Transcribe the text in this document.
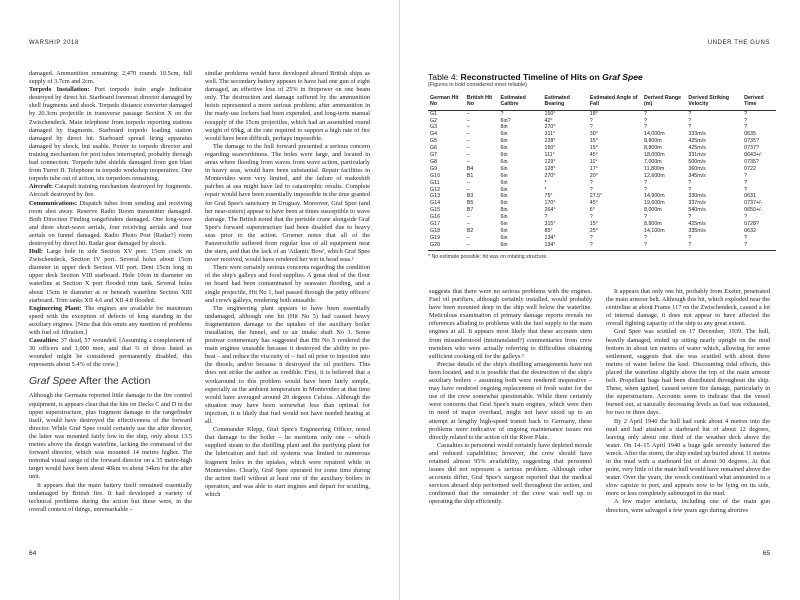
WARSHIP 2018

damaged. Ammunition remaining: 2,470 rounds 10.5cm, full supply of 3.7cm and 2cm.

Torpedo Installation: Port torpedo train angle indicator destroyed by direct hit. Starboard foremost director damaged by shell fragments and shock. Torpedo distance converter damaged by 20.3cm projectile in transverse passage Section X on the Zwischendeck. Main telephone from torpedo reporting stations damaged by fragments. Starboard torpedo loading station damaged by direct hit. Starboard spread firing apparatus damaged by shock, but usable. Power to torpedo director and training mechanism for port tubes interrupted, probably through bad connection. Torpedo tube shields damaged from gun blast from Turret II. Telephone in torpedo workshop inoperative. One torpedo tube out of action, six torpedoes remaining.

Aircraft: Catapult training mechanism destroyed by fragments. Aircraft destroyed by fire.

Communications: Dispatch tubes from sending and receiving room shot away. Reserve Radio Room transmitter damaged. Both Direction Finding rangefinders damaged. One long-wave and three short-wave aerials, four receiving aerials and four aerials on funnel damaged. Radio Photo Post [Radar?] room destroyed by direct hit. Radar gear damaged by shock.

Hull: Large hole in side Section XV port. 15cm crack on Zwischendeck, Section IV port. Several holes about 15cm diameter in upper deck Section VII port. Dent 15cm long in upper deck Section VIII starboard. Hole 10cm in diameter on waterline at Section X port flooded trim tank. Several holes about 15cm in diameter at or beneath waterline Section XIII starboard. Trim tanks XII 4.6 and XII 4.8 flooded.

Engineering Plant: The engines are available for maximum speed with the exception of defects of long standing in the auxiliary engines. [Note that this omits any mention of problems with fuel oil filtration.]

Casualties: 37 dead, 57 wounded. [Assuming a complement of 30 officers and 1,000 men, and that ⅔ of those listed as wounded might be considered permanently disabled, this represents about 5.4% of the crew.]

Graf Spee After the Action

Although the Germans reported little damage to the fire control equipment, is appears clear that the hits on Decks C and D in the upper superstructure, plus fragment damage to the rangefinder itself, would have destroyed the effectiveness of the forward director. While Graf Spee could certainly use the after director, the latter was mounted fairly low in the ship, only about 13.5 metres above the design waterline, lacking the command of the forward director, which was mounted 14 metres higher. The nominal visual range of the forward director on a 35 metre-high target would have been about 40km vs about 34km for the after unit.

It appears that the main battery itself remained essentially undamaged by British fire. It had developed a variety of technical problems during the action but these were, in the overall context of things, unremarkable –

similar problems would have developed aboard British ships as well. The secondary battery appears to have had one gun of eight damaged, an effective loss of 25% in firepower on one beam only. The destruction and damage suffered by the ammunition hoists represented a more serious problem; after ammunition in the ready-use lockers had been expended, and long-term manual resupply of the 15cm projectiles, which had an assembled round weight of 69kg, at the rate required to support a high rate of fire would have been difficult, perhaps impossible.

The damage to the hull forward presented a serious concern regarding seaworthiness. The holes were large, and located in areas where flooding from waves from wave action, particularly in heavy seas, would have been substantial. Repair facilities in Montevideo were very limited, and the failure of makeshift patches at sea might have led to catastrophic results. Complete repair would have been essentially impossible in the time granted for Graf Spee's sanctuary in Uruguay. Moreover, Graf Spee (and her near-sisters) appear to have been at times susceptible to wave damage. The British noted that the portside crane alongside Graf Spee's forward superstructure had been disabled due to heavy seas prior to the action. Groener notes that all of the Panzerschiffe suffered from regular loss of all equipment near the stern, and that the lack of an 'Atlantic Bow', which Graf Spee never received, would have rendered her wet in head seas.²

There were certainly serious concerns regarding the condition of the ship's galleys and food supplies. A great deal of the flour on board had been contaminated by seawater flooding, and a single projectile, Hit No 1, had passed through the petty officers' and crew's galleys, rendering both unusable.

The engineering plant appears to have been essentially undamaged, although one hit (Hit No 5) had caused heavy fragmentation damage to the uptakes of the auxiliary boiler installation, the funnel, and to air intake shaft No 3. Some postwar commentary has suggested that Hit No 5 rendered the main engines unusable because it destroyed the ability to pre-heat – and reduce the viscosity of – fuel oil prior to injection into the diesels, and/or because it destroyed the oil purifiers. This does not strike the author as credible. First, it is believed that a workaround to this problem would have been fairly simple, especially as the ambient temperature in Montevideo at that time would have averaged around 20 degrees Celsius. Although the situation may have been somewhat less than optimal for injection, it is likely that fuel would not have needed heating at all.

Commander Klepp, Graf Spee's Engineering Officer, noted that damage to the boiler – he mentions only one – which supplied steam to the distilling plant and the purifying plant for the lubrication and fuel oil systems was limited to numerous fragment holes in the uptakes, which were repaired while in Montevideo. Clearly, Graf Spee operated for some time during the action itself without at least one of the auxiliary boilers in operation, and was able to start engines and depart for scuttling, which

64
UNDER THE GUNS
Table 4: Reconstructed Timeline of Hits on Graf Spee
(Figures in bold considered most reliable)
German Hit No	British Hit No	Estimated Calibre	Estimated Bearing	Estimated Angle of Fall	Derived Range (m)	Derived Striking Velocity	Derived Time
G1	–	?	150°	18°	?	?	?
G2	–	6in?	42°	?	?	?	?
G3	–	8in	270°	?	?	?	?
G4	–	6in	311°	30°	14,000m	333m/s	0635
G5	–	6in	228°	15°	8,800m	425m/s	0735?
G6	–	6in	160°	15°	8,800m	425m/s	0737?
G7	–	6in	111°	45°	18,000m	331m/s	0643+/-
G8	–	6in	129°	11°	7,000m	500m/s	0735?
G9	B4	6in	128°	17°	11,800m	360m/s	0722
G10	B1	6in	270°	20°	12,600m	345m/s	?
G11	–	6in	*	?	?	?	?
G12	–	6in	*	?	?	?	?
G13	B3	6in	75°	27.5°	14,900m	330m/s	0631
G14	B5	6in	170°	45°	19,600m	337m/s	0737+/-
G15	B7	8in	264°	6°	8,000m	540m/s	0650+/-
G16	–	6in	?	?	?	?	?
G17	–	6in	315°	15°	8,800m	425m/s	0728?
G18	B2	6in	85°	25°	14,100m	335m/s	0632
G19	–	6in	134°	?	?	?	?
G20	–	6in	134°	?	?	?	?
* No estimate possible; hit was on rotating structure.

suggests that there were no serious problems with the engines. Fuel oil purifiers, although certainly installed, would probably have been mounted deep in the ship well below the waterline. Meticulous examination of primary damage reports reveals no references alluding to problems with the fuel supply to the main engines at all. It appears most likely that these accounts stem from misunderstood (mistranslated?) commentaries from crew members who were actually referring to difficulties obtaining sufficient cooking oil for the galleys.³

Precise details of the ship's distilling arrangements have not been located, and it is possible that the destruction of the ship's auxiliary boilers – assuming both were rendered inoperative – may have rendered ongoing replacement of fresh water for the use of the crew somewhat questionable. While there certainly were concerns that Graf Spee's main engines, which were then in need of major overhaul, might not have stood up to an attempt at lengthy high-speed transit back to Germany, these problems were indicative of ongoing maintenance issues not directly related to the action off the River Plate.

Casualties to personnel would certainly have depleted morale and reduced capabilities; however, the crew should have retained almost 95% availability, suggesting that personnel issues did not represent a serious problem. Although other accounts differ, Graf Spee's surgeon reported that the medical services aboard ship performed well throughout the action, and confirmed that the remainder of the crew was well up to operating the ship efficiently.

It appears that only one hit, probably from Exeter, penetrated the main armour belt. Although this hit, which exploded near the centreline at about Frame 117 on the Zwischendeck, caused a lot of internal damage, it does not appear to have affected the overall fighting capacity of the ship to any great extent.

Graf Spee was scuttled on 17 December, 1939. The hull, heavily damaged, ended up sitting nearly upright on the mud bottom in about ten metres of water which, allowing for some settlement, suggests that she was scuttled with about three metres of water below the keel. Discounting tidal effects, this placed the waterline slightly above the top of the main armour belt. Propellant bags had been distributed throughout the ship. These, when ignited, caused severe fire damage, particularly in the superstructure. Accounts seem to indicate that the vessel burned out, at naturally decreasing levels as fuel was exhausted, for two or three days.

By 2 April 1940 the hull had sunk about 4 metres into the mud and had attained a starboard list of about 12 degrees, leaving only about one third of the weather deck above the water. On 14–15 April 1940 a huge gale severely battered the wreck. After the storm, the ship ended up buried about 11 metres in the mud with a starboard list of about 50 degrees. At that point, very little of the main hull would have remained above the water. Over the years, the wreck continued what amounted to a slow capsize to port, and appears now to be lying on its side, more or less completely submerged in the mud.

A few major artefacts, including one of the main gun directors, were salvaged a few years ago during abortive

65
